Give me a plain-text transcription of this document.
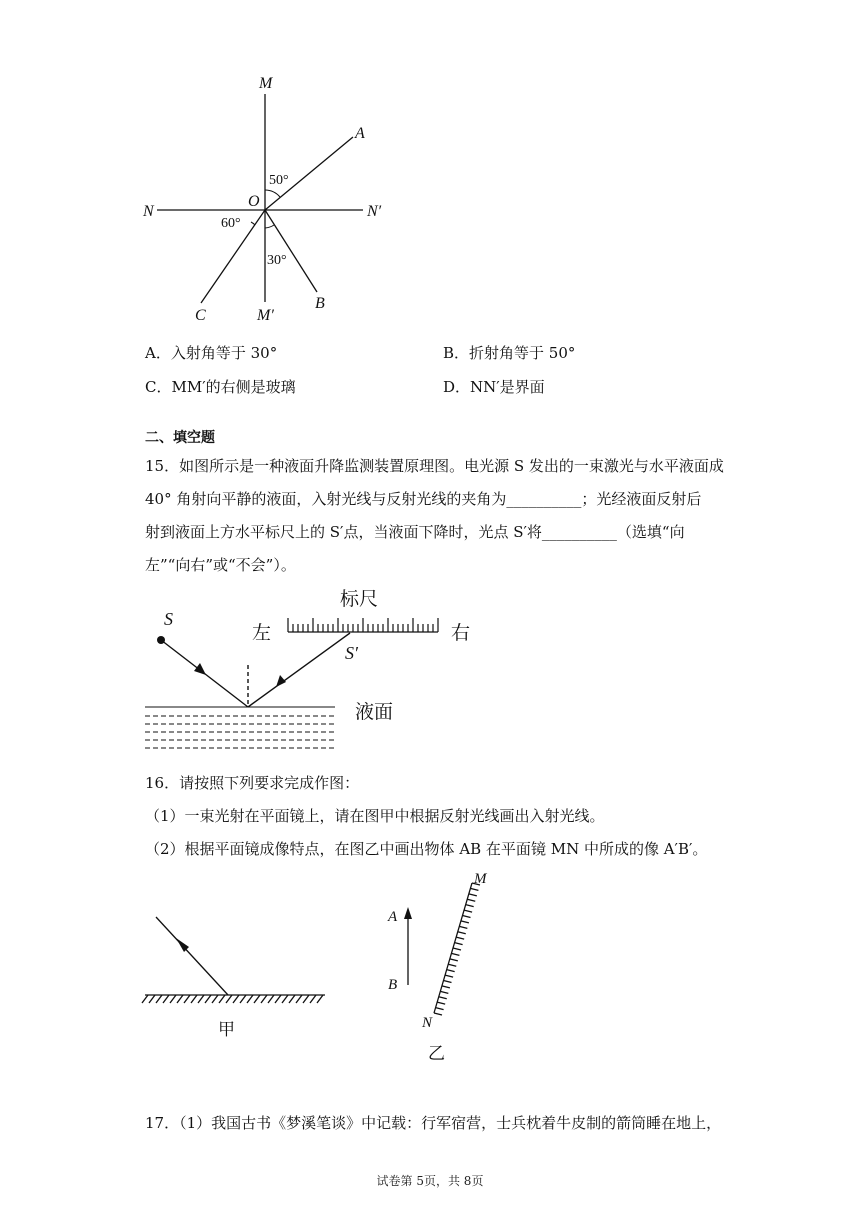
M
A
O
N	N′
C	M′
B
50°
60°
30°
A．入射角等于 30°	B．折射角等于 50°
C．MM′的右侧是玻璃	D．NN′是界面
二、填空题
15．如图所示是一种液面升降监测装置原理图。电光源 S 发出的一束激光与水平液面成
40° 角射向平静的液面，入射光线与反射光线的夹角为__________；光经液面反射后
射到液面上方水平标尺上的 S′点，当液面下降时，光点 S′将__________（选填“向
左”“向右”或“不会”）。
S
标尺
左	右
S′
液面
16．请按照下列要求完成作图：
（1）一束光射在平面镜上，请在图甲中根据反射光线画出入射光线。
（2）根据平面镜成像特点，在图乙中画出物体 AB 在平面镜 MN 中所成的像 A′B′。
甲
A
B
M
N
乙
17．（1）我国古书《梦溪笔谈》中记载：行军宿营，士兵枕着牛皮制的箭筒睡在地上，
试卷第 5页，共 8页
